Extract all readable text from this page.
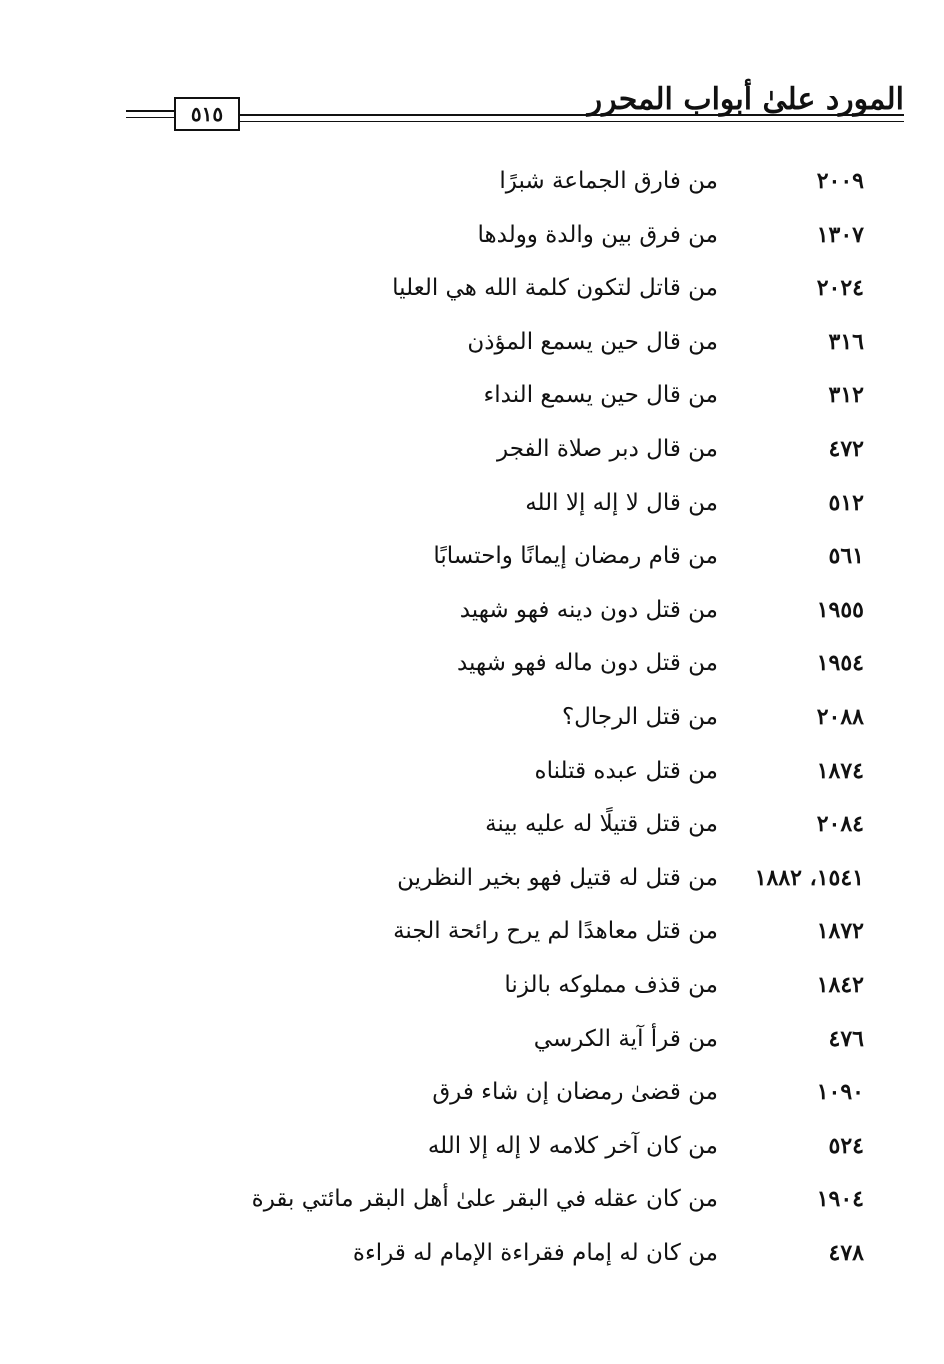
المورد علىٰ أبواب المحرر
٥١٥
٢٠٠٩
من فارق الجماعة شبرًا
١٣٠٧
من فرق بين والدة وولدها
٢٠٢٤
من قاتل لتكون كلمة الله هي العليا
٣١٦
من قال حين يسمع المؤذن
٣١٢
من قال حين يسمع النداء
٤٧٢
من قال دبر صلاة الفجر
٥١٢
من قال لا إله إلا الله
٥٦١
من قام رمضان إيمانًا واحتسابًا
١٩٥٥
من قتل دون دينه فهو شهيد
١٩٥٤
من قتل دون ماله فهو شهيد
٢٠٨٨
من قتل الرجال؟
١٨٧٤
من قتل عبده قتلناه
٢٠٨٤
من قتل قتيلًا له عليه بينة
١٥٤١، ١٨٨٢
من قتل له قتيل فهو بخير النظرين
١٨٧٢
من قتل معاهدًا لم يرح رائحة الجنة
١٨٤٢
من قذف مملوكه بالزنا
٤٧٦
من قرأ آية الكرسي
١٠٩٠
من قضىٰ رمضان إن شاء فرق
٥٢٤
من كان آخر كلامه لا إله إلا الله
١٩٠٤
من كان عقله في البقر علىٰ أهل البقر مائتي بقرة
٤٧٨
من كان له إمام فقراءة الإمام له قراءة
